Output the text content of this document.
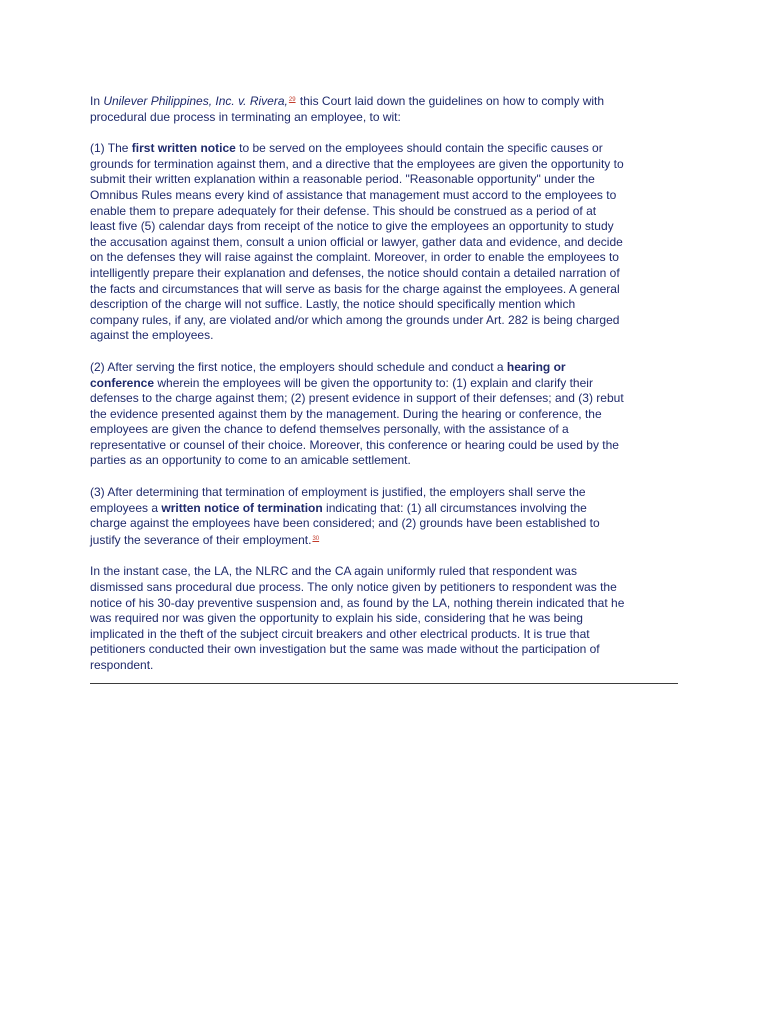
In Unilever Philippines, Inc. v. Rivera,$^{29}$ this Court laid down the guidelines on how to comply with
procedural due process in terminating an employee, to wit:

(1) The first written notice to be served on the employees should contain the specific causes or
grounds for termination against them, and a directive that the employees are given the opportunity to
submit their written explanation within a reasonable period. "Reasonable opportunity" under the
Omnibus Rules means every kind of assistance that management must accord to the employees to
enable them to prepare adequately for their defense. This should be construed as a period of at
least five (5) calendar days from receipt of the notice to give the employees an opportunity to study
the accusation against them, consult a union official or lawyer, gather data and evidence, and decide
on the defenses they will raise against the complaint. Moreover, in order to enable the employees to
intelligently prepare their explanation and defenses, the notice should contain a detailed narration of
the facts and circumstances that will serve as basis for the charge against the employees. A general
description of the charge will not suffice. Lastly, the notice should specifically mention which
company rules, if any, are violated and/or which among the grounds under Art. 282 is being charged
against the employees.

(2) After serving the first notice, the employers should schedule and conduct a hearing or
conference wherein the employees will be given the opportunity to: (1) explain and clarify their
defenses to the charge against them; (2) present evidence in support of their defenses; and (3) rebut
the evidence presented against them by the management. During the hearing or conference, the
employees are given the chance to defend themselves personally, with the assistance of a
representative or counsel of their choice. Moreover, this conference or hearing could be used by the
parties as an opportunity to come to an amicable settlement.

(3) After determining that termination of employment is justified, the employers shall serve the
employees a written notice of termination indicating that: (1) all circumstances involving the
charge against the employees have been considered; and (2) grounds have been established to
justify the severance of their employment.$^{30}$

In the instant case, the LA, the NLRC and the CA again uniformly ruled that respondent was
dismissed sans procedural due process. The only notice given by petitioners to respondent was the
notice of his 30-day preventive suspension and, as found by the LA, nothing therein indicated that he
was required nor was given the opportunity to explain his side, considering that he was being
implicated in the theft of the subject circuit breakers and other electrical products. It is true that
petitioners conducted their own investigation but the same was made without the participation of
respondent.
